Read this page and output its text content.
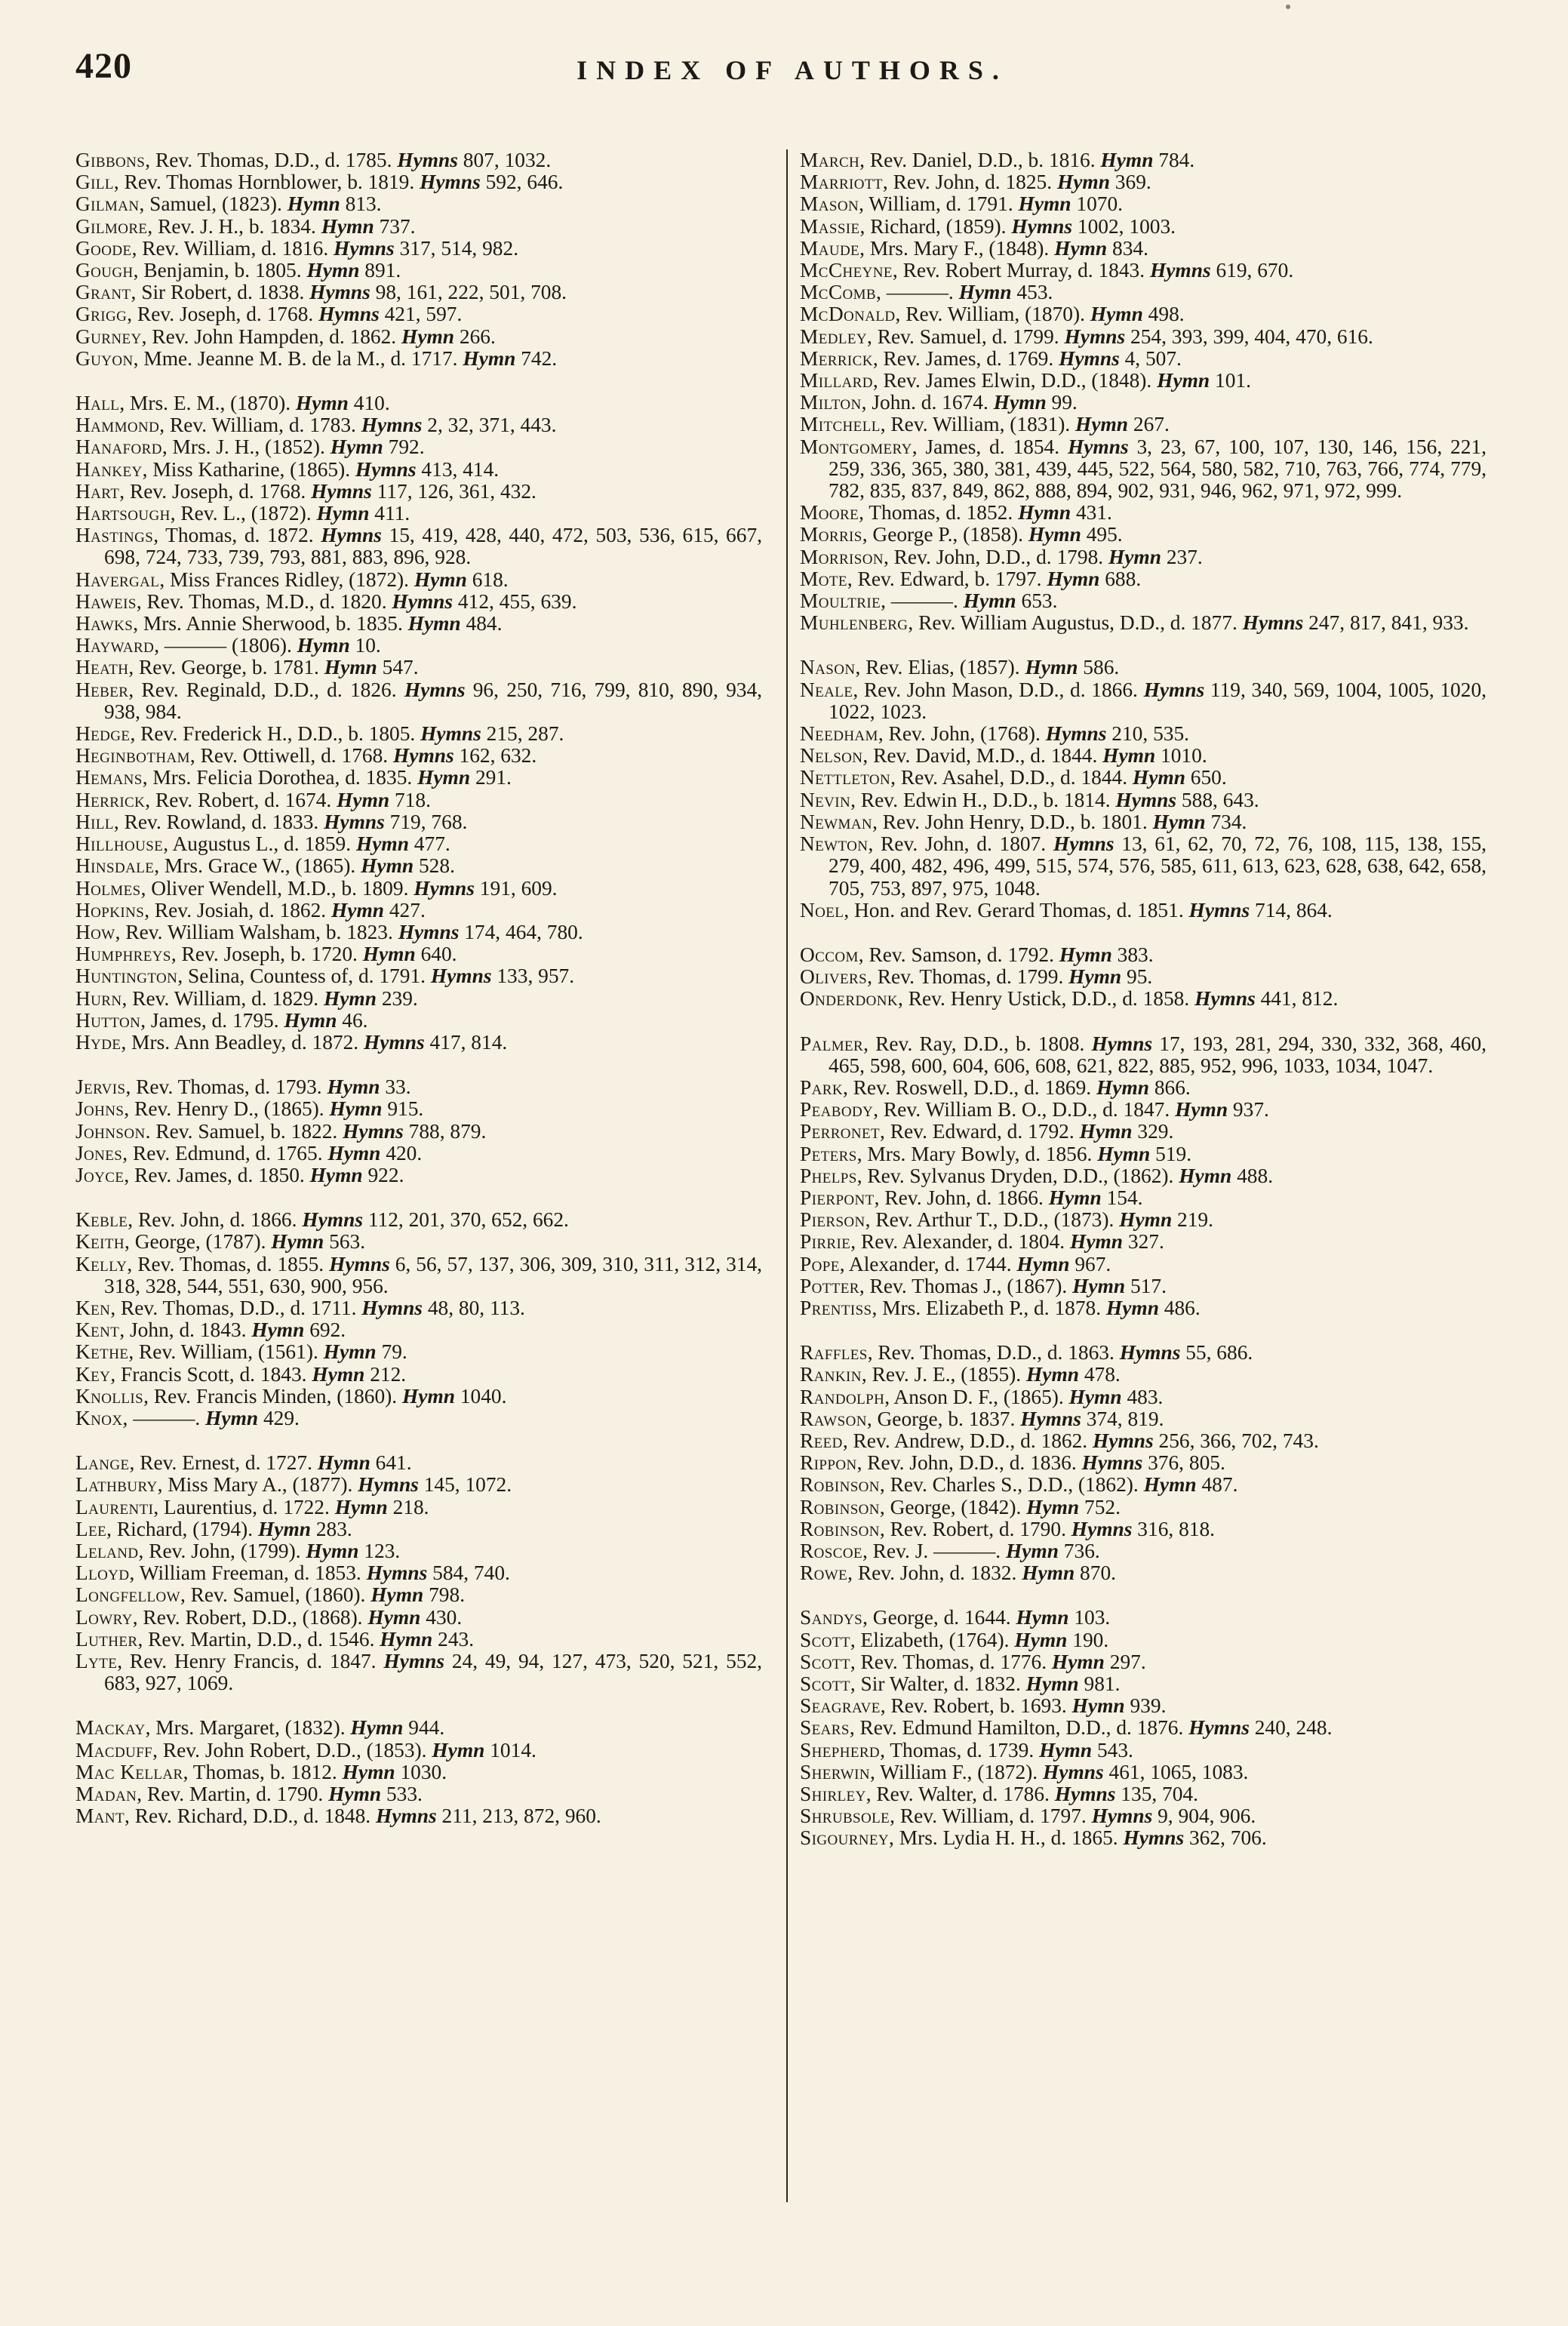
420	INDEX OF AUTHORS.

Gibbons, Rev. Thomas, D.D., d. 1785. Hymns 807, 1032.

Gill, Rev. Thomas Hornblower, b. 1819. Hymns 592, 646.

Gilman, Samuel, (1823). Hymn 813.

Gilmore, Rev. J. H., b. 1834. Hymn 737.

Goode, Rev. William, d. 1816. Hymns 317, 514, 982.

Gough, Benjamin, b. 1805. Hymn 891.

Grant, Sir Robert, d. 1838. Hymns 98, 161, 222, 501, 708.

Grigg, Rev. Joseph, d. 1768. Hymns 421, 597.

Gurney, Rev. John Hampden, d. 1862. Hymn 266.

Guyon, Mme. Jeanne M. B. de la M., d. 1717. Hymn 742.

Hall, Mrs. E. M., (1870). Hymn 410.

Hammond, Rev. William, d. 1783. Hymns 2, 32, 371, 443.

Hanaford, Mrs. J. H., (1852). Hymn 792.

Hankey, Miss Katharine, (1865). Hymns 413, 414.

Hart, Rev. Joseph, d. 1768. Hymns 117, 126, 361, 432.

Hartsough, Rev. L., (1872). Hymn 411.

Hastings, Thomas, d. 1872. Hymns 15, 419, 428, 440, 472, 503, 536, 615, 667, 698, 724, 733, 739, 793, 881, 883, 896, 928.

Havergal, Miss Frances Ridley, (1872). Hymn 618.

Haweis, Rev. Thomas, M.D., d. 1820. Hymns 412, 455, 639.

Hawks, Mrs. Annie Sherwood, b. 1835. Hymn 484.

Hayward, ——— (1806). Hymn 10.

Heath, Rev. George, b. 1781. Hymn 547.

Heber, Rev. Reginald, D.D., d. 1826. Hymns 96, 250, 716, 799, 810, 890, 934, 938, 984.

Hedge, Rev. Frederick H., D.D., b. 1805. Hymns 215, 287.

Heginbotham, Rev. Ottiwell, d. 1768. Hymns 162, 632.

Hemans, Mrs. Felicia Dorothea, d. 1835. Hymn 291.

Herrick, Rev. Robert, d. 1674. Hymn 718.

Hill, Rev. Rowland, d. 1833. Hymns 719, 768.

Hillhouse, Augustus L., d. 1859. Hymn 477.

Hinsdale, Mrs. Grace W., (1865). Hymn 528.

Holmes, Oliver Wendell, M.D., b. 1809. Hymns 191, 609.

Hopkins, Rev. Josiah, d. 1862. Hymn 427.

How, Rev. William Walsham, b. 1823. Hymns 174, 464, 780.

Humphreys, Rev. Joseph, b. 1720. Hymn 640.

Huntington, Selina, Countess of, d. 1791. Hymns 133, 957.

Hurn, Rev. William, d. 1829. Hymn 239.

Hutton, James, d. 1795. Hymn 46.

Hyde, Mrs. Ann Beadley, d. 1872. Hymns 417, 814.

Jervis, Rev. Thomas, d. 1793. Hymn 33.

Johns, Rev. Henry D., (1865). Hymn 915.

Johnson. Rev. Samuel, b. 1822. Hymns 788, 879.

Jones, Rev. Edmund, d. 1765. Hymn 420.

Joyce, Rev. James, d. 1850. Hymn 922.

Keble, Rev. John, d. 1866. Hymns 112, 201, 370, 652, 662.

Keith, George, (1787). Hymn 563.

Kelly, Rev. Thomas, d. 1855. Hymns 6, 56, 57, 137, 306, 309, 310, 311, 312, 314, 318, 328, 544, 551, 630, 900, 956.

Ken, Rev. Thomas, D.D., d. 1711. Hymns 48, 80, 113.

Kent, John, d. 1843. Hymn 692.

Kethe, Rev. William, (1561). Hymn 79.

Key, Francis Scott, d. 1843. Hymn 212.

Knollis, Rev. Francis Minden, (1860). Hymn 1040.

Knox, ———. Hymn 429.

Lange, Rev. Ernest, d. 1727. Hymn 641.

Lathbury, Miss Mary A., (1877). Hymns 145, 1072.

Laurenti, Laurentius, d. 1722. Hymn 218.

Lee, Richard, (1794). Hymn 283.

Leland, Rev. John, (1799). Hymn 123.

Lloyd, William Freeman, d. 1853. Hymns 584, 740.

Longfellow, Rev. Samuel, (1860). Hymn 798.

Lowry, Rev. Robert, D.D., (1868). Hymn 430.

Luther, Rev. Martin, D.D., d. 1546. Hymn 243.

Lyte, Rev. Henry Francis, d. 1847. Hymns 24, 49, 94, 127, 473, 520, 521, 552, 683, 927, 1069.

Mackay, Mrs. Margaret, (1832). Hymn 944.

Macduff, Rev. John Robert, D.D., (1853). Hymn 1014.

Mac Kellar, Thomas, b. 1812. Hymn 1030.

Madan, Rev. Martin, d. 1790. Hymn 533.

Mant, Rev. Richard, D.D., d. 1848. Hymns 211, 213, 872, 960.

March, Rev. Daniel, D.D., b. 1816. Hymn 784.

Marriott, Rev. John, d. 1825. Hymn 369.

Mason, William, d. 1791. Hymn 1070.

Massie, Richard, (1859). Hymns 1002, 1003.

Maude, Mrs. Mary F., (1848). Hymn 834.

McCheyne, Rev. Robert Murray, d. 1843. Hymns 619, 670.

McComb, ———. Hymn 453.

McDonald, Rev. William, (1870). Hymn 498.

Medley, Rev. Samuel, d. 1799. Hymns 254, 393, 399, 404, 470, 616.

Merrick, Rev. James, d. 1769. Hymns 4, 507.

Millard, Rev. James Elwin, D.D., (1848). Hymn 101.

Milton, John. d. 1674. Hymn 99.

Mitchell, Rev. William, (1831). Hymn 267.

Montgomery, James, d. 1854. Hymns 3, 23, 67, 100, 107, 130, 146, 156, 221, 259, 336, 365, 380, 381, 439, 445, 522, 564, 580, 582, 710, 763, 766, 774, 779, 782, 835, 837, 849, 862, 888, 894, 902, 931, 946, 962, 971, 972, 999.

Moore, Thomas, d. 1852. Hymn 431.

Morris, George P., (1858). Hymn 495.

Morrison, Rev. John, D.D., d. 1798. Hymn 237.

Mote, Rev. Edward, b. 1797. Hymn 688.

Moultrie, ———. Hymn 653.

Muhlenberg, Rev. William Augustus, D.D., d. 1877. Hymns 247, 817, 841, 933.

Nason, Rev. Elias, (1857). Hymn 586.

Neale, Rev. John Mason, D.D., d. 1866. Hymns 119, 340, 569, 1004, 1005, 1020, 1022, 1023.

Needham, Rev. John, (1768). Hymns 210, 535.

Nelson, Rev. David, M.D., d. 1844. Hymn 1010.

Nettleton, Rev. Asahel, D.D., d. 1844. Hymn 650.

Nevin, Rev. Edwin H., D.D., b. 1814. Hymns 588, 643.

Newman, Rev. John Henry, D.D., b. 1801. Hymn 734.

Newton, Rev. John, d. 1807. Hymns 13, 61, 62, 70, 72, 76, 108, 115, 138, 155, 279, 400, 482, 496, 499, 515, 574, 576, 585, 611, 613, 623, 628, 638, 642, 658, 705, 753, 897, 975, 1048.

Noel, Hon. and Rev. Gerard Thomas, d. 1851. Hymns 714, 864.

Occom, Rev. Samson, d. 1792. Hymn 383.

Olivers, Rev. Thomas, d. 1799. Hymn 95.

Onderdonk, Rev. Henry Ustick, D.D., d. 1858. Hymns 441, 812.

Palmer, Rev. Ray, D.D., b. 1808. Hymns 17, 193, 281, 294, 330, 332, 368, 460, 465, 598, 600, 604, 606, 608, 621, 822, 885, 952, 996, 1033, 1034, 1047.

Park, Rev. Roswell, D.D., d. 1869. Hymn 866.

Peabody, Rev. William B. O., D.D., d. 1847. Hymn 937.

Perronet, Rev. Edward, d. 1792. Hymn 329.

Peters, Mrs. Mary Bowly, d. 1856. Hymn 519.

Phelps, Rev. Sylvanus Dryden, D.D., (1862). Hymn 488.

Pierpont, Rev. John, d. 1866. Hymn 154.

Pierson, Rev. Arthur T., D.D., (1873). Hymn 219.

Pirrie, Rev. Alexander, d. 1804. Hymn 327.

Pope, Alexander, d. 1744. Hymn 967.

Potter, Rev. Thomas J., (1867). Hymn 517.

Prentiss, Mrs. Elizabeth P., d. 1878. Hymn 486.

Raffles, Rev. Thomas, D.D., d. 1863. Hymns 55, 686.

Rankin, Rev. J. E., (1855). Hymn 478.

Randolph, Anson D. F., (1865). Hymn 483.

Rawson, George, b. 1837. Hymns 374, 819.

Reed, Rev. Andrew, D.D., d. 1862. Hymns 256, 366, 702, 743.

Rippon, Rev. John, D.D., d. 1836. Hymns 376, 805.

Robinson, Rev. Charles S., D.D., (1862). Hymn 487.

Robinson, George, (1842). Hymn 752.

Robinson, Rev. Robert, d. 1790. Hymns 316, 818.

Roscoe, Rev. J. ———. Hymn 736.

Rowe, Rev. John, d. 1832. Hymn 870.

Sandys, George, d. 1644. Hymn 103.

Scott, Elizabeth, (1764). Hymn 190.

Scott, Rev. Thomas, d. 1776. Hymn 297.

Scott, Sir Walter, d. 1832. Hymn 981.

Seagrave, Rev. Robert, b. 1693. Hymn 939.

Sears, Rev. Edmund Hamilton, D.D., d. 1876. Hymns 240, 248.

Shepherd, Thomas, d. 1739. Hymn 543.

Sherwin, William F., (1872). Hymns 461, 1065, 1083.

Shirley, Rev. Walter, d. 1786. Hymns 135, 704.

Shrubsole, Rev. William, d. 1797. Hymns 9, 904, 906.

Sigourney, Mrs. Lydia H. H., d. 1865. Hymns 362, 706.
